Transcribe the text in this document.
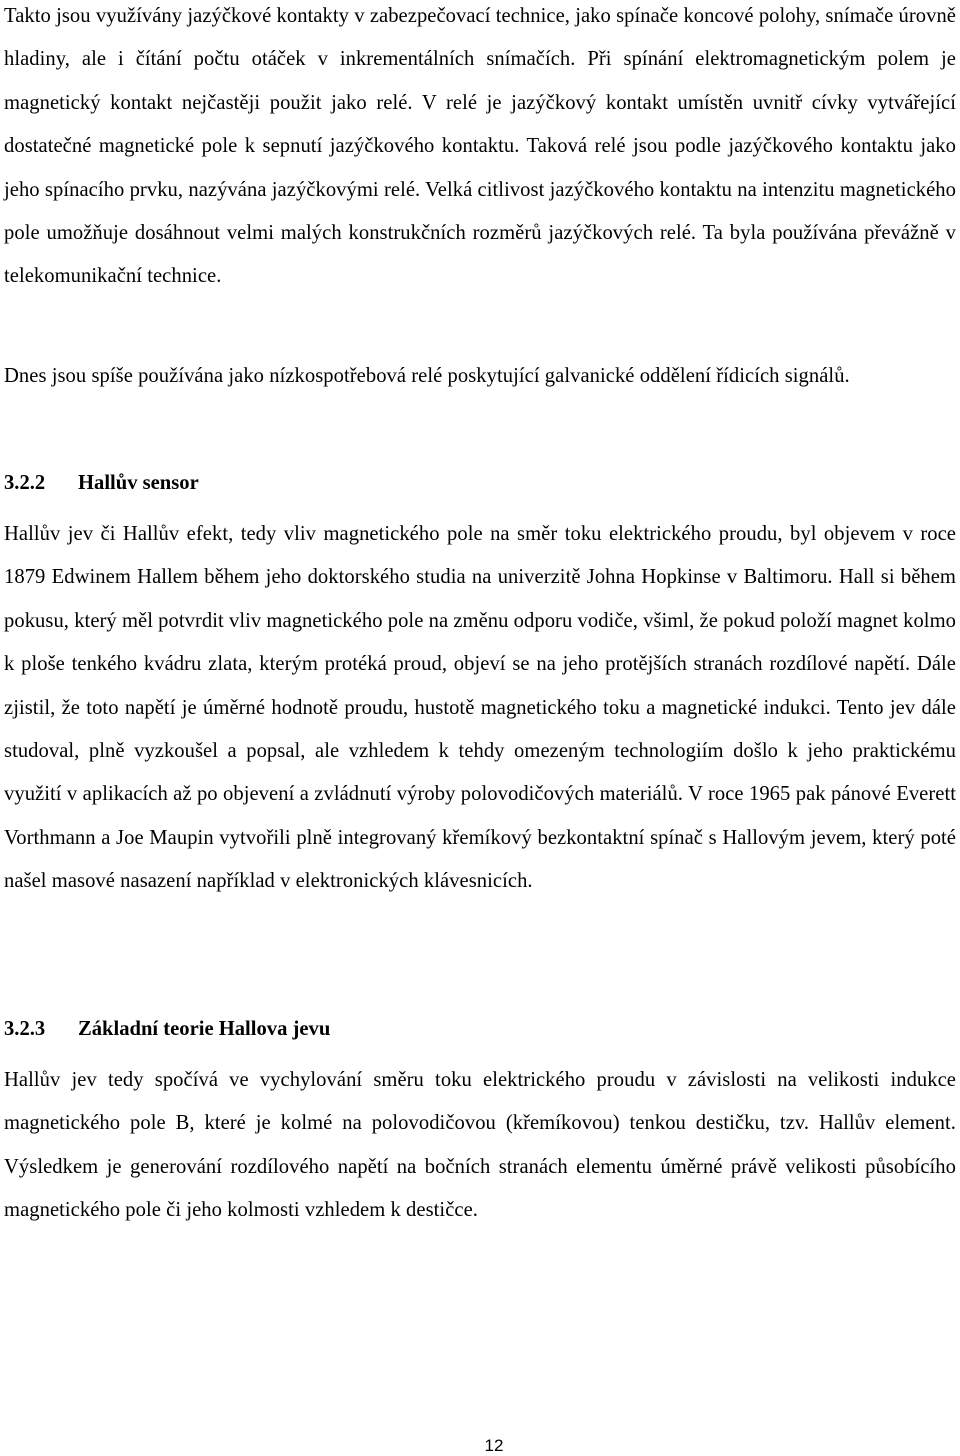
Takto jsou využívány jazýčkové kontakty v zabezpečovací technice, jako spínače koncové polohy, snímače úrovně hladiny, ale i čítání počtu otáček v inkrementálních snímačích. Při spínání elektromagnetickým polem je magnetický kontakt nejčastěji použit jako relé. V relé je jazýčkový kontakt umístěn uvnitř cívky vytvářející dostatečné magnetické pole k sepnutí jazýčkového kontaktu. Taková relé jsou podle jazýčkového kontaktu jako jeho spínacího prvku, nazývána jazýčkovými relé. Velká citlivost jazýčkového kontaktu na intenzitu magnetického pole umožňuje dosáhnout velmi malých konstrukčních rozměrů jazýčkových relé. Ta byla používána převážně v telekomunikační technice.

Dnes jsou spíše používána jako nízkospotřebová relé poskytující galvanické oddělení řídicích signálů.

3.2.2	Hallův sensor

Hallův jev či Hallův efekt, tedy vliv magnetického pole na směr toku elektrického proudu, byl objevem v roce 1879 Edwinem Hallem během jeho doktorského studia na univerzitě Johna Hopkinse v Baltimoru. Hall si během pokusu, který měl potvrdit vliv magnetického pole na změnu odporu vodiče, všiml, že pokud položí magnet kolmo k ploše tenkého kvádru zlata, kterým protéká proud, objeví se na jeho protějších stranách rozdílové napětí. Dále zjistil, že toto napětí je úměrné hodnotě proudu, hustotě magnetického toku a magnetické indukci. Tento jev dále studoval, plně vyzkoušel a popsal, ale vzhledem k tehdy omezeným technologiím došlo k jeho praktickému využití v aplikacích až po objevení a zvládnutí výroby polovodičových materiálů. V roce 1965 pak pánové Everett Vorthmann a Joe Maupin vytvořili plně integrovaný křemíkový bezkontaktní spínač s Hallovým jevem, který poté našel masové nasazení například v elektronických klávesnicích.

3.2.3	Základní teorie Hallova jevu

Hallův jev tedy spočívá ve vychylování směru toku elektrického proudu v závislosti na velikosti indukce magnetického pole B, které je kolmé na polovodičovou (křemíkovou) tenkou destičku, tzv. Hallův element. Výsledkem je generování rozdílového napětí na bočních stranách elementu úměrné právě velikosti působícího magnetického pole či jeho kolmosti vzhledem k destičce.

12
